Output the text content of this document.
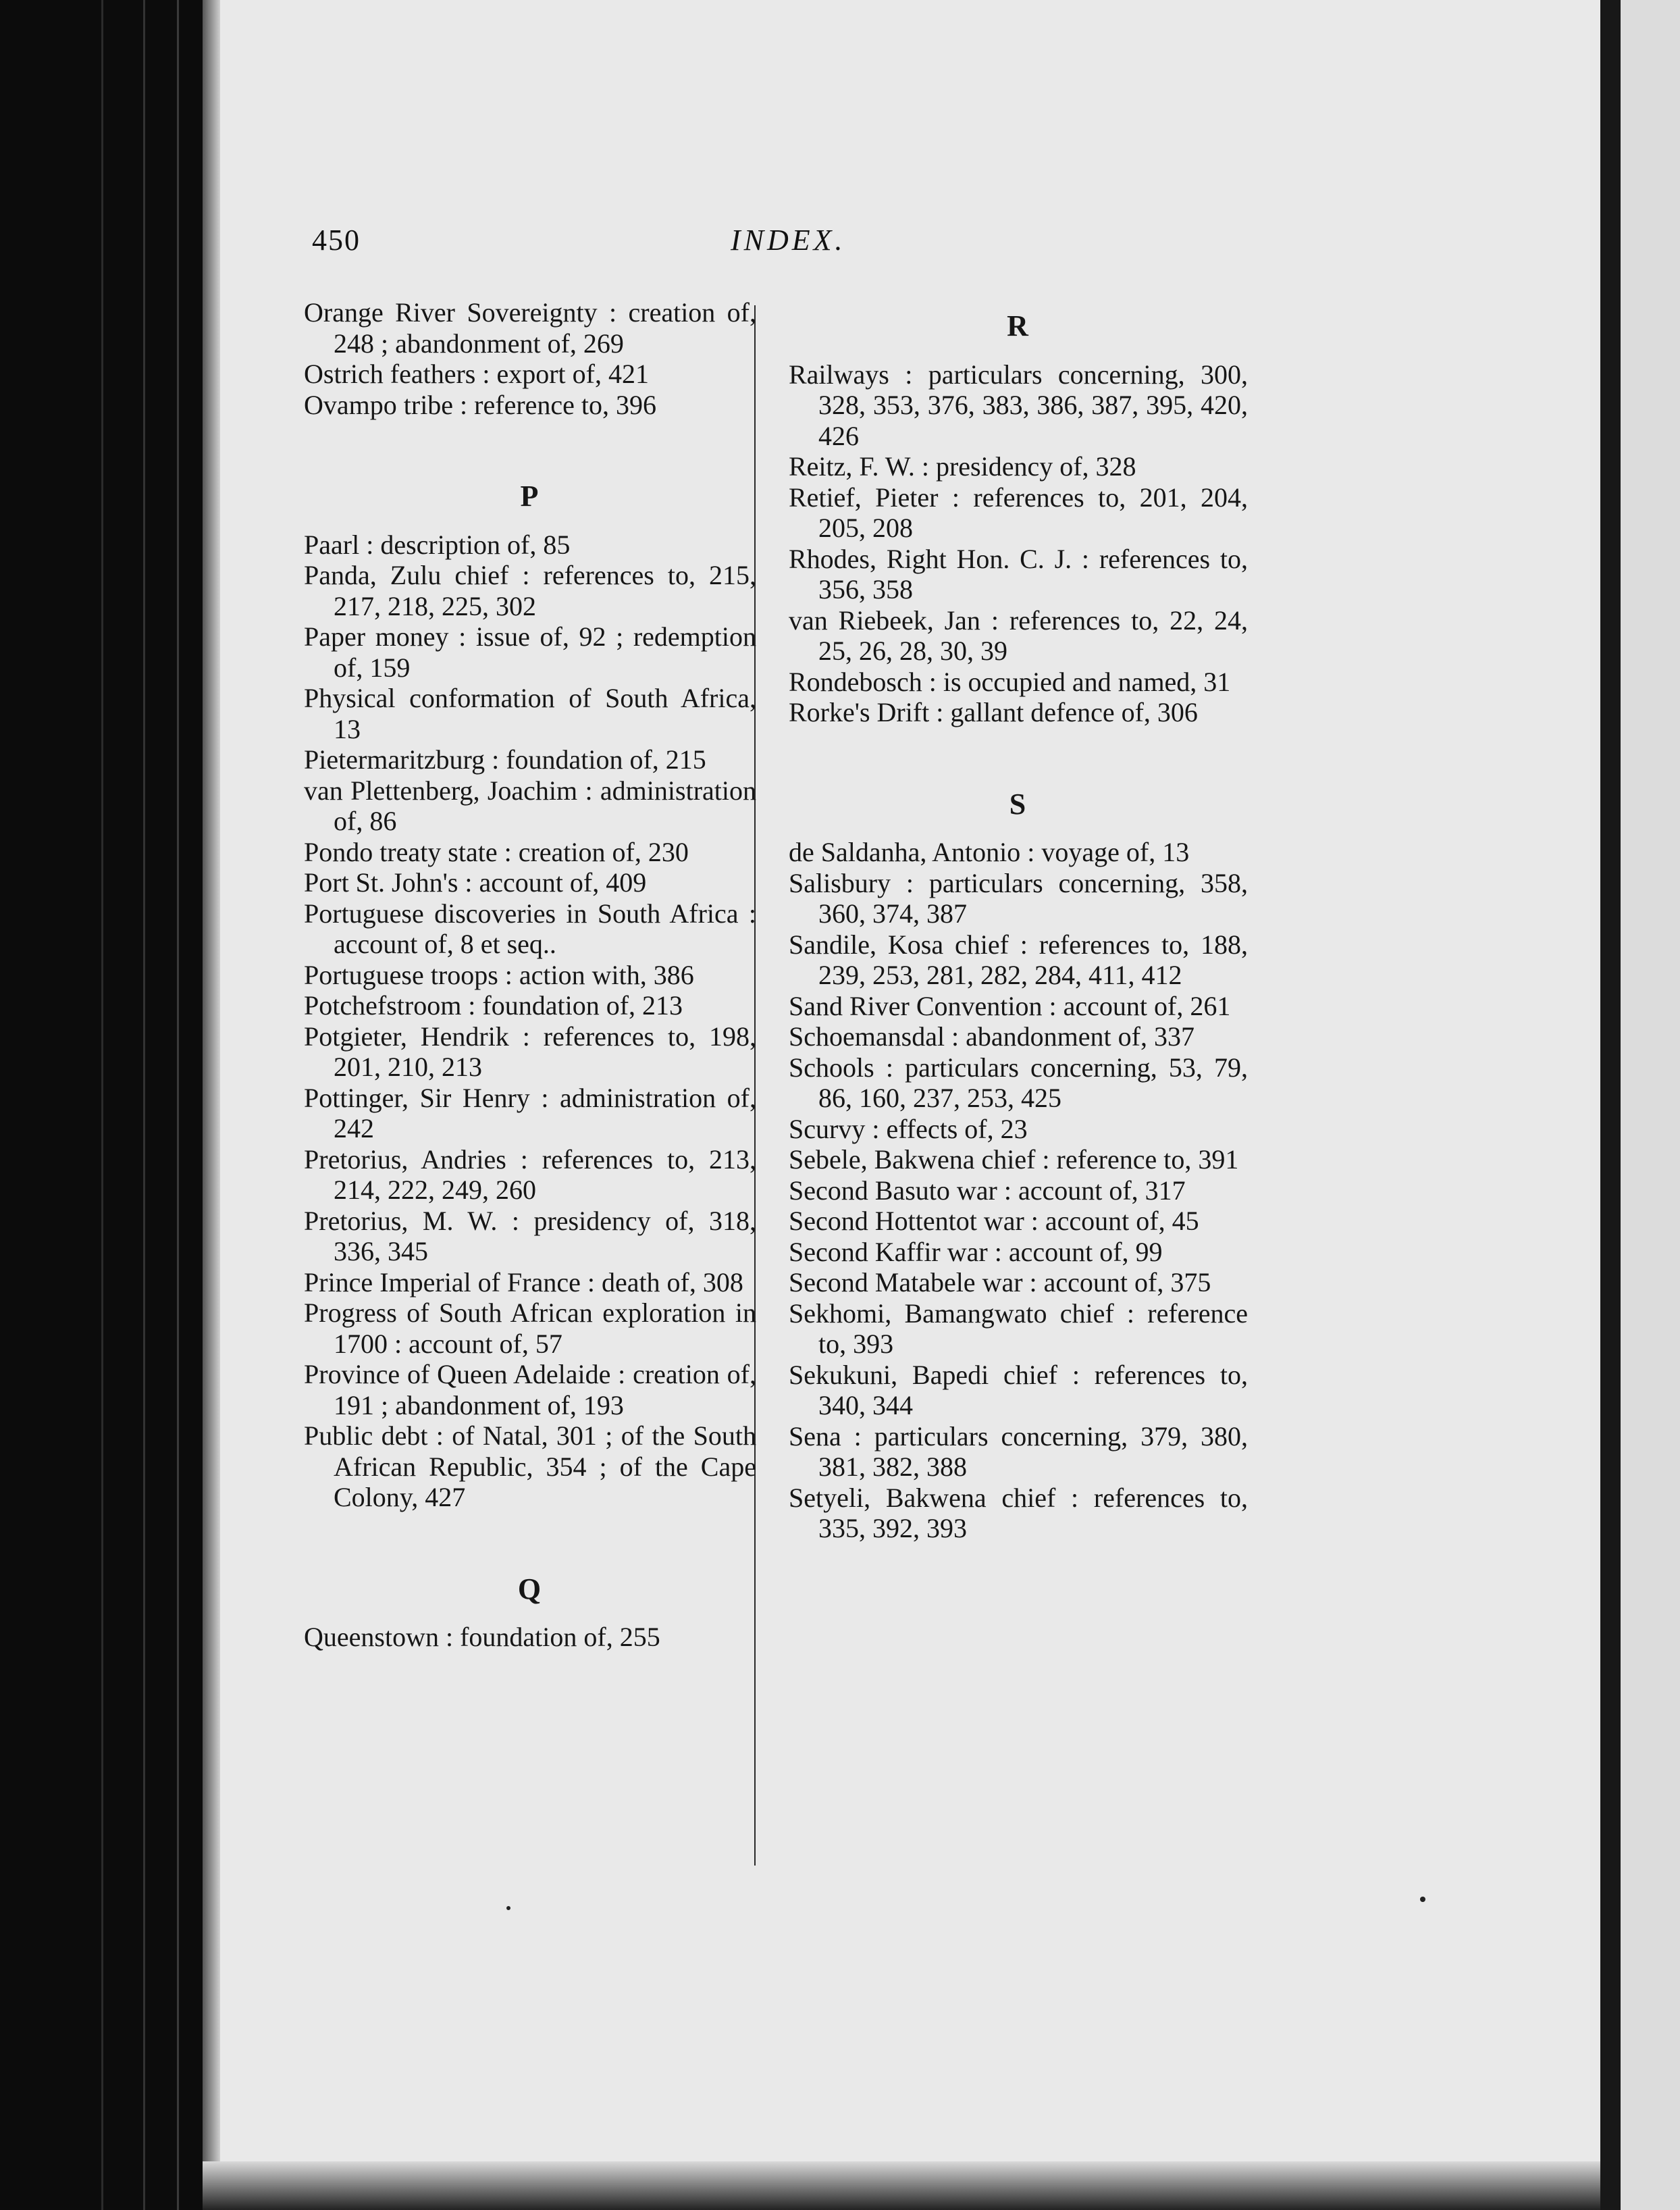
450	INDEX.
Orange River Sovereignty : creation of, 248 ; abandonment of, 269
Ostrich feathers : export of, 421
Ovampo tribe : reference to, 396
P
Paarl : description of, 85
Panda, Zulu chief : references to, 215, 217, 218, 225, 302
Paper money : issue of, 92 ; redemption of, 159
Physical conformation of South Africa, 13
Pietermaritzburg : foundation of, 215
van Plettenberg, Joachim : administration of, 86
Pondo treaty state : creation of, 230
Port St. John's : account of, 409
Portuguese discoveries in South Africa : account of, 8 et seq..
Portuguese troops : action with, 386
Potchefstroom : foundation of, 213
Potgieter, Hendrik : references to, 198, 201, 210, 213
Pottinger, Sir Henry : administration of, 242
Pretorius, Andries : references to, 213, 214, 222, 249, 260
Pretorius, M. W. : presidency of, 318, 336, 345
Prince Imperial of France : death of, 308
Progress of South African exploration in 1700 : account of, 57
Province of Queen Adelaide : creation of, 191 ; abandonment of, 193
Public debt : of Natal, 301 ; of the South African Republic, 354 ; of the Cape Colony, 427
Q
Queenstown : foundation of, 255
R
Railways : particulars concerning, 300, 328, 353, 376, 383, 386, 387, 395, 420, 426
Reitz, F. W. : presidency of, 328
Retief, Pieter : references to, 201, 204, 205, 208
Rhodes, Right Hon. C. J. : references to, 356, 358
van Riebeek, Jan : references to, 22, 24, 25, 26, 28, 30, 39
Rondebosch : is occupied and named, 31
Rorke's Drift : gallant defence of, 306
S
de Saldanha, Antonio : voyage of, 13
Salisbury : particulars concerning, 358, 360, 374, 387
Sandile, Kosa chief : references to, 188, 239, 253, 281, 282, 284, 411, 412
Sand River Convention : account of, 261
Schoemansdal : abandonment of, 337
Schools : particulars concerning, 53, 79, 86, 160, 237, 253, 425
Scurvy : effects of, 23
Sebele, Bakwena chief : reference to, 391
Second Basuto war : account of, 317
Second Hottentot war : account of, 45
Second Kaffir war : account of, 99
Second Matabele war : account of, 375
Sekhomi, Bamangwato chief : reference to, 393
Sekukuni, Bapedi chief : references to, 340, 344
Sena : particulars concerning, 379, 380, 381, 382, 388
Setyeli, Bakwena chief : references to, 335, 392, 393
